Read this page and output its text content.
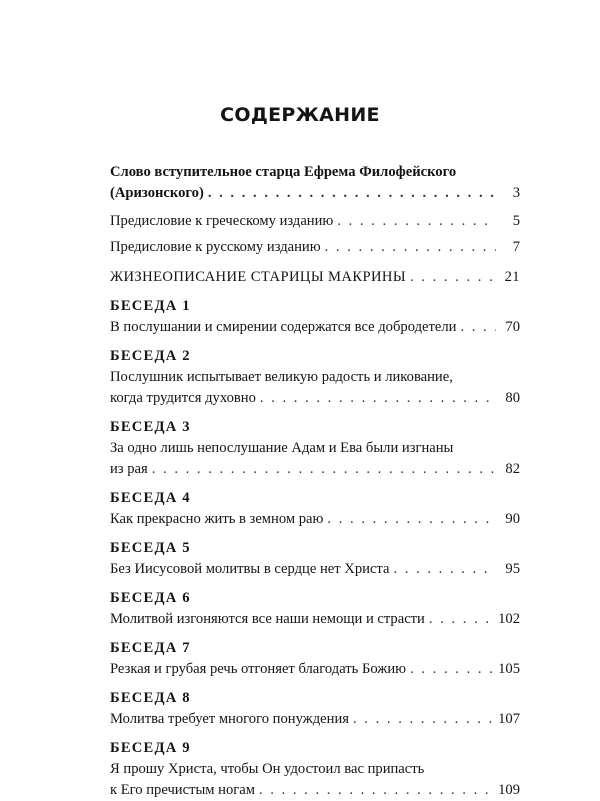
СОДЕРЖАНИЕ
Слово вступительное старца Ефрема Филофейского
(Аризонского) . . .	3
Предисловие к греческому изданию . . .	5
Предисловие к русскому изданию . . .	7
ЖИЗНЕОПИСАНИЕ СТАРИЦЫ МАКРИНЫ . . .	21
БЕСЕДА 1
В послушании и смирении содержатся все добродетели . . .	70
БЕСЕДА 2
Послушник испытывает великую радость и ликование,
когда трудится духовно . . .	80
БЕСЕДА 3
За одно лишь непослушание Адам и Ева были изгнаны
из рая . . .	82
БЕСЕДА 4
Как прекрасно жить в земном раю . . .	90
БЕСЕДА 5
Без Иисусовой молитвы в сердце нет Христа . . .	95
БЕСЕДА 6
Молитвой изгоняются все наши немощи и страсти . . .	102
БЕСЕДА 7
Резкая и грубая речь отгоняет благодать Божию . . .	105
БЕСЕДА 8
Молитва требует многого понуждения . . .	107
БЕСЕДА 9
Я прошу Христа, чтобы Он удостоил вас припасть
к Его пречистым ногам . . .	109
